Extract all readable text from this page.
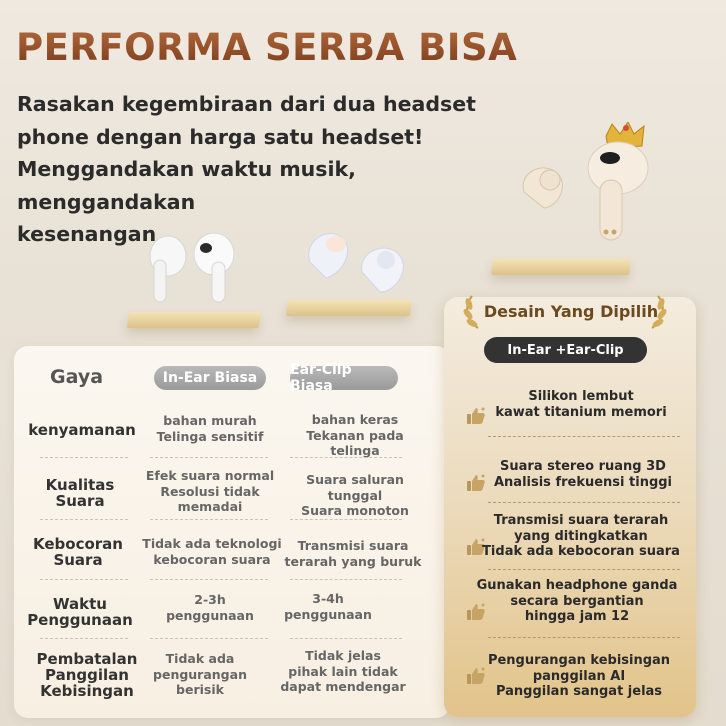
PERFORMA SERBA BISA
Rasakan kegembiraan dari dua headset
phone dengan harga satu headset!
Menggandakan waktu musik, menggandakan
kesenangan
Gaya	In-Ear Biasa	Ear-Clip Biasa
kenyamanan
bahan murah
Telinga sensitif
bahan keras
Tekanan pada telinga
Kualitas
Suara
Efek suara normal
Resolusi tidak
memadai
Suara saluran tunggal
Suara monoton
Kebocoran
Suara
Tidak ada teknologi
kebocoran suara
Transmisi suara
terarah yang buruk
Waktu
Penggunaan
2-3h
penggunaan
3-4h
penggunaan
Pembatalan
Panggilan
Kebisingan
Tidak ada
pengurangan
berisik
Tidak jelas
pihak lain tidak
dapat mendengar
Desain Yang Dipilih
In-Ear +Ear-Clip
Silikon lembut
kawat titanium memori
Suara stereo ruang 3D
Analisis frekuensi tinggi
Transmisi suara terarah
yang ditingkatkan
Tidak ada kebocoran suara
Gunakan headphone ganda
secara bergantian
hingga jam 12
Pengurangan kebisingan
panggilan AI
Panggilan sangat jelas
